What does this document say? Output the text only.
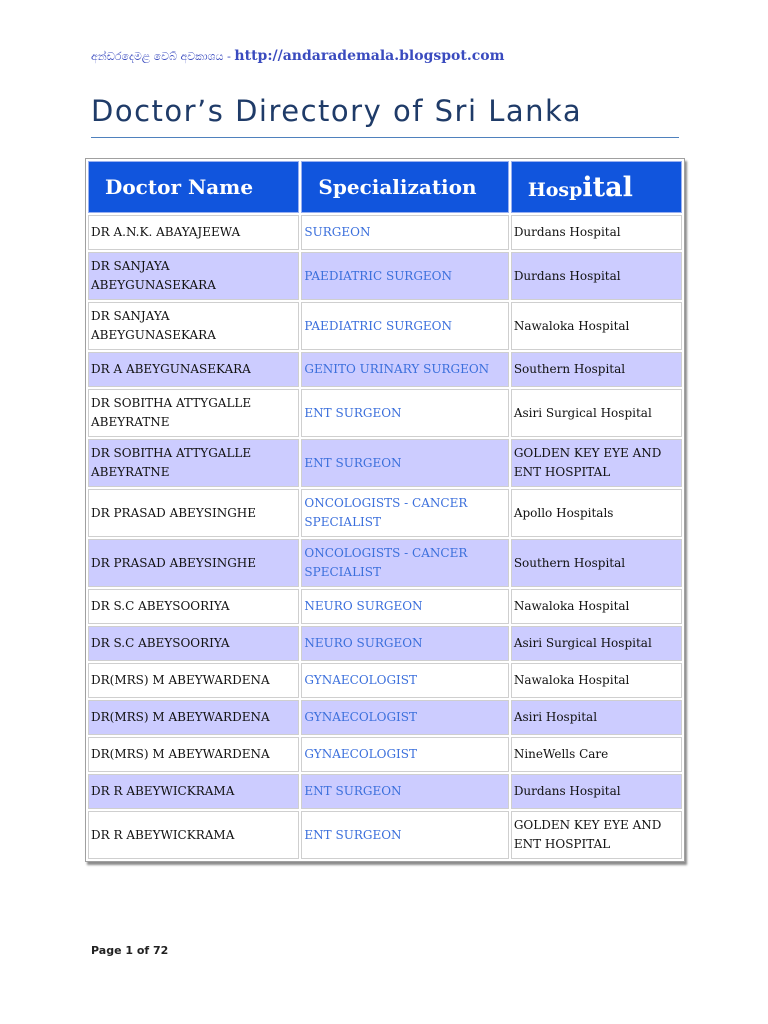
අන්ඩරදෙමළ වෙබ් අවකාශය - http://andarademala.blogspot.com
Doctor’s Directory of Sri Lanka
Doctor Name	Specialization	Hospital
DR A.N.K. ABAYAJEEWA	SURGEON	Durdans Hospital
DR SANJAYA ABEYGUNASEKARA	PAEDIATRIC SURGEON	Durdans Hospital
DR SANJAYA ABEYGUNASEKARA	PAEDIATRIC SURGEON	Nawaloka Hospital
DR A ABEYGUNASEKARA	GENITO URINARY SURGEON	Southern Hospital
DR SOBITHA ATTYGALLE ABEYRATNE	ENT SURGEON	Asiri Surgical Hospital
DR SOBITHA ATTYGALLE ABEYRATNE	ENT SURGEON	GOLDEN KEY EYE AND ENT HOSPITAL
DR PRASAD ABEYSINGHE	ONCOLOGISTS - CANCER SPECIALIST	Apollo Hospitals
DR PRASAD ABEYSINGHE	ONCOLOGISTS - CANCER SPECIALIST	Southern Hospital
DR S.C ABEYSOORIYA	NEURO SURGEON	Nawaloka Hospital
DR S.C ABEYSOORIYA	NEURO SURGEON	Asiri Surgical Hospital
DR(MRS) M ABEYWARDENA	GYNAECOLOGIST	Nawaloka Hospital
DR(MRS) M ABEYWARDENA	GYNAECOLOGIST	Asiri Hospital
DR(MRS) M ABEYWARDENA	GYNAECOLOGIST	NineWells Care
DR R ABEYWICKRAMA	ENT SURGEON	Durdans Hospital
DR R ABEYWICKRAMA	ENT SURGEON	GOLDEN KEY EYE AND ENT HOSPITAL
Page 1 of 72
